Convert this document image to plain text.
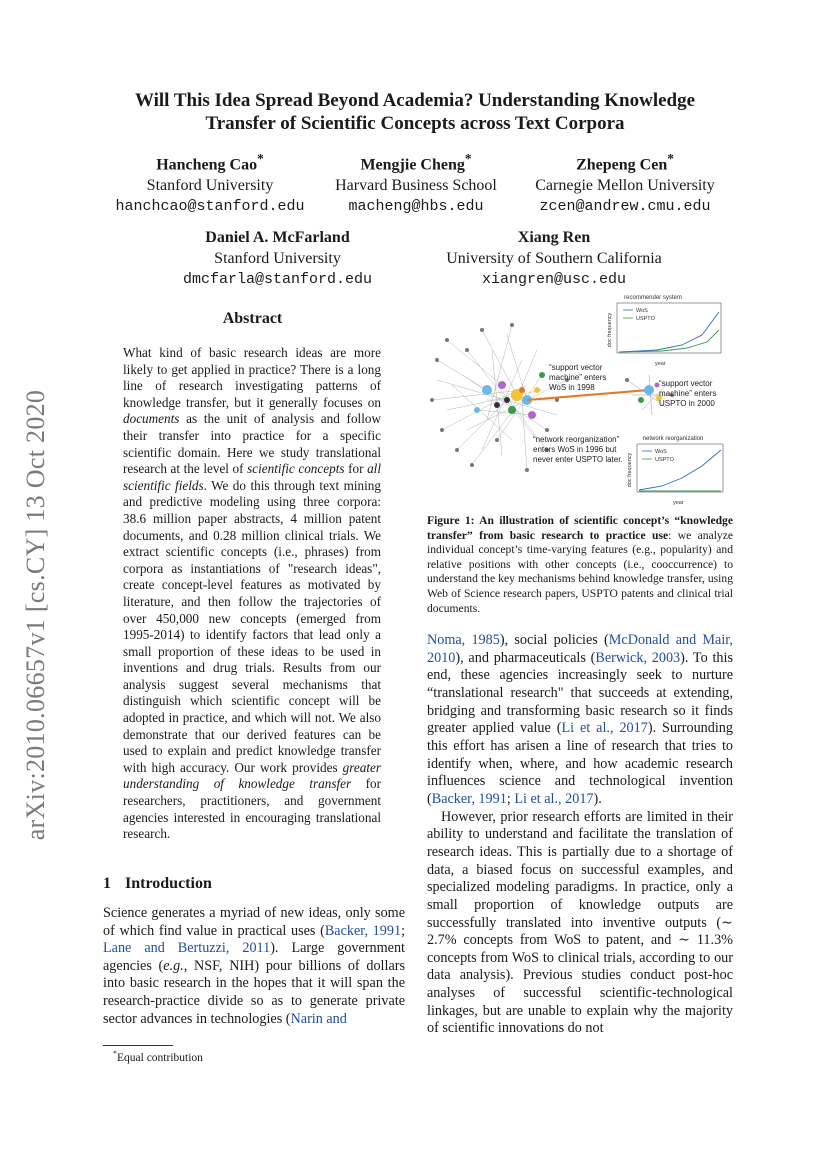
arXiv:2010.06657v1 [cs.CY] 13 Oct 2020
Will This Idea Spread Beyond Academia? Understanding Knowledge
Transfer of Scientific Concepts across Text Corpora
Hancheng Cao*
Stanford University
hanchcao@stanford.edu
Mengjie Cheng*
Harvard Business School
macheng@hbs.edu
Zhepeng Cen*
Carnegie Mellon University
zcen@andrew.cmu.edu
Daniel A. McFarland
Stanford University
dmcfarla@stanford.edu
Xiang Ren
University of Southern California
xiangren@usc.edu
Abstract
What kind of basic research ideas are more likely to get applied in practice? There is a long line of research investigating patterns of knowledge transfer, but it generally focuses on documents as the unit of analysis and follow their transfer into practice for a specific scientific domain. Here we study translational research at the level of scientific concepts for all scientific fields. We do this through text mining and predictive modeling using three corpora: 38.6 million paper abstracts, 4 million patent documents, and 0.28 million clinical trials. We extract scientific concepts (i.e., phrases) from corpora as instantiations of "research ideas", create concept-level features as motivated by literature, and then follow the trajectories of over 450,000 new concepts (emerged from 1995-2014) to identify factors that lead only a small proportion of these ideas to be used in inventions and drug trials. Results from our analysis suggest several mechanisms that distinguish which scientific concept will be adopted in practice, and which will not. We also demonstrate that our derived features can be used to explain and predict knowledge transfer with high accuracy. Our work provides greater understanding of knowledge transfer for researchers, practitioners, and government agencies interested in encouraging translational research.
1 Introduction

Science generates a myriad of new ideas, only some of which find value in practical uses (Backer, 1991; Lane and Bertuzzi, 2011). Large government agencies (e.g., NSF, NIH) pour billions of dollars into basic research in the hopes that it will span the research-practice divide so as to generate private sector advances in technologies (Narin and

*Equal contribution
recommender system
WoS
USPTO
doc frequency
year
network reorganization
WoS
USPTO
doc frequency
year
“support vector
machine” enters
WoS in 1998	“support vector
machine” enters
USPTO in 2000
“network reorganization”
enters WoS in 1996 but
never enter USPTO later.
Figure 1: An illustration of scientific concept’s “knowledge transfer” from basic research to practice use: we analyze individual concept’s time-varying features (e.g., popularity) and relative positions with other concepts (i.e., cooccurrence) to understand the key mechanisms behind knowledge transfer, using Web of Science research papers, USPTO patents and clinical trial documents.

Noma, 1985), social policies (McDonald and Mair, 2010), and pharmaceuticals (Berwick, 2003). To this end, these agencies increasingly seek to nurture “translational research" that succeeds at extending, bridging and transforming basic research so it finds greater applied value (Li et al., 2017). Surrounding this effort has arisen a line of research that tries to identify when, where, and how academic research influences science and technological invention (Backer, 1991; Li et al., 2017).

However, prior research efforts are limited in their ability to understand and facilitate the translation of research ideas. This is partially due to a shortage of data, a biased focus on successful examples, and specialized modeling paradigms. In practice, only a small proportion of knowledge outputs are successfully translated into inventive outputs (∼ 2.7% concepts from WoS to patent, and ∼ 11.3% concepts from WoS to clinical trials, according to our data analysis). Previous studies conduct post-hoc analyses of successful scientific-technological linkages, but are unable to explain why the majority of scientific innovations do not
